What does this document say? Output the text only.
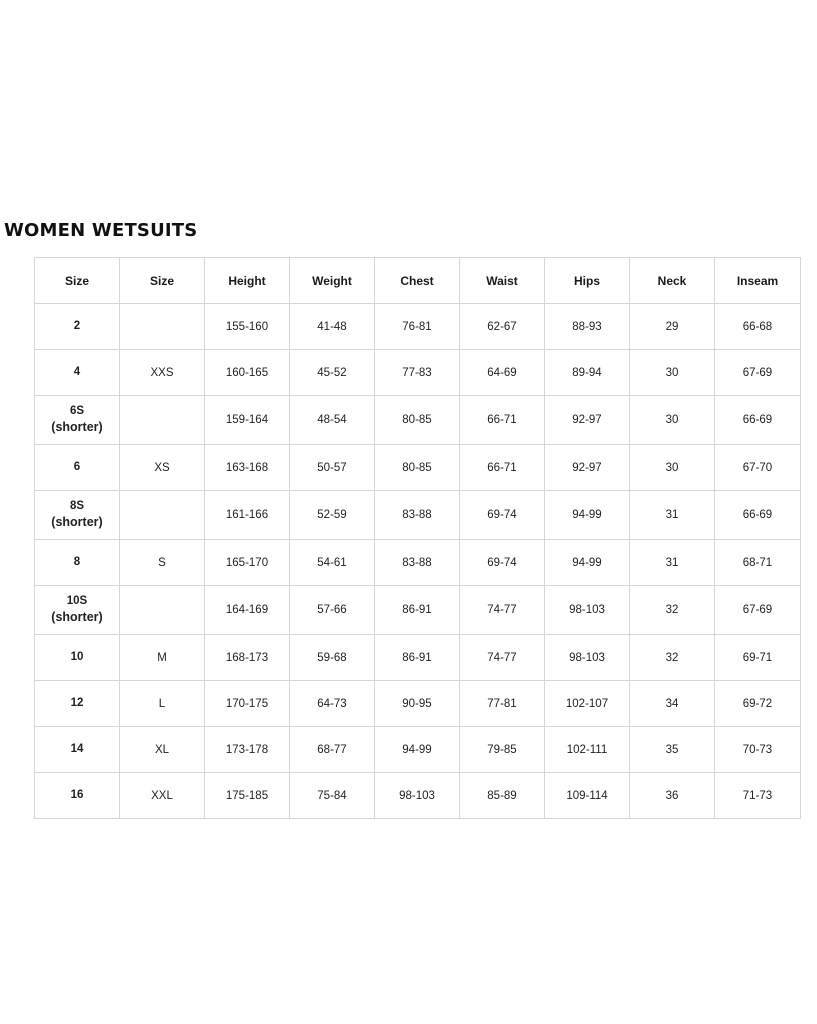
WOMEN WETSUITS
Size	Size	Height	Weight	Chest	Waist	Hips	Neck	Inseam
2		155-160	41-48	76-81	62-67	88-93	29	66-68
4	XXS	160-165	45-52	77-83	64-69	89-94	30	67-69
6S
(shorter)		159-164	48-54	80-85	66-71	92-97	30	66-69
6	XS	163-168	50-57	80-85	66-71	92-97	30	67-70
8S
(shorter)		161-166	52-59	83-88	69-74	94-99	31	66-69
8	S	165-170	54-61	83-88	69-74	94-99	31	68-71
10S
(shorter)		164-169	57-66	86-91	74-77	98-103	32	67-69
10	M	168-173	59-68	86-91	74-77	98-103	32	69-71
12	L	170-175	64-73	90-95	77-81	102-107	34	69-72
14	XL	173-178	68-77	94-99	79-85	102-111	35	70-73
16	XXL	175-185	75-84	98-103	85-89	109-114	36	71-73
